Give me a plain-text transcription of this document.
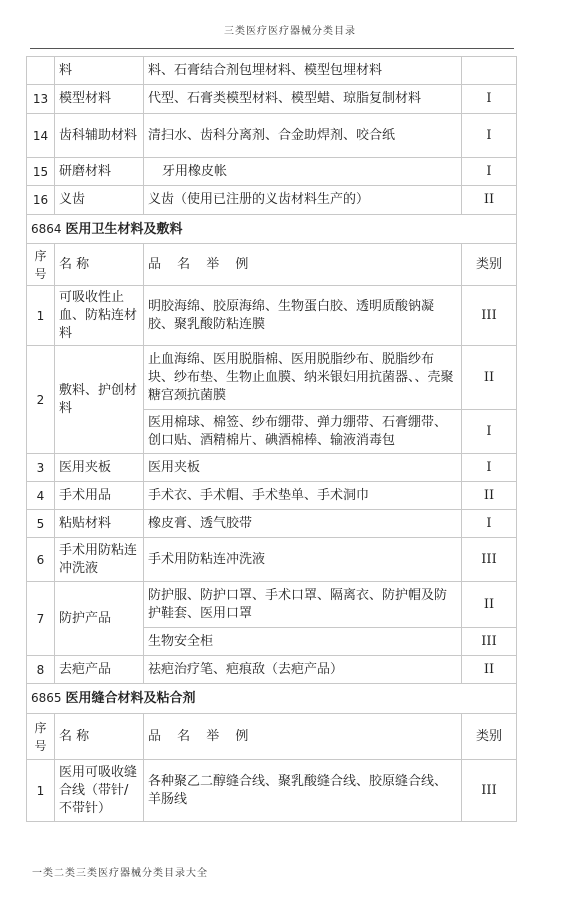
三类医疗医疗器械分类目录
	料	料、石膏结合剂包埋材料、模型包埋材料	
13	模型材料	代型、石膏类模型材料、模型蜡、琼脂复制材料	I
14	齿科辅助材料	清扫水、齿科分离剂、合金助焊剂、咬合纸	I
15	研磨材料	牙用橡皮帐	I
16	义齿	义齿（使用已注册的义齿材料生产的）	II
6864 医用卫生材料及敷料			
序号	名 称	品 名 举 例	类别
1	可吸收性止血、防粘连材料	明胶海绵、胶原海绵、生物蛋白胶、透明质酸钠凝胶、聚乳酸防粘连膜	III
2	敷料、护创材料	止血海绵、医用脱脂棉、医用脱脂纱布、脱脂纱布块、纱布垫、生物止血膜、纳米银妇用抗菌器、、壳聚糖宫颈抗菌膜	II
		医用棉球、棉签、纱布绷带、弹力绷带、石膏绷带、创口贴、酒精棉片、碘酒棉棒、输液消毒包	I
3	医用夹板	医用夹板	I
4	手术用品	手术衣、手术帽、手术垫单、手术洞巾	II
5	粘贴材料	橡皮膏、透气胶带	I
6	手术用防粘连冲洗液	手术用防粘连冲洗液	III
7	防护产品	防护服、防护口罩、手术口罩、隔离衣、防护帽及防护鞋套、医用口罩	II
		生物安全柜	III
8	去疤产品	祛疤治疗笔、疤痕敌（去疤产品）	II
6865 医用缝合材料及粘合剂			
序号	名 称	品 名 举 例	类别
1	医用可吸收缝合线（带针/不带针）	各种聚乙二醇缝合线、聚乳酸缝合线、胶原缝合线、羊肠线	III
一类二类三类医疗器械分类目录大全
